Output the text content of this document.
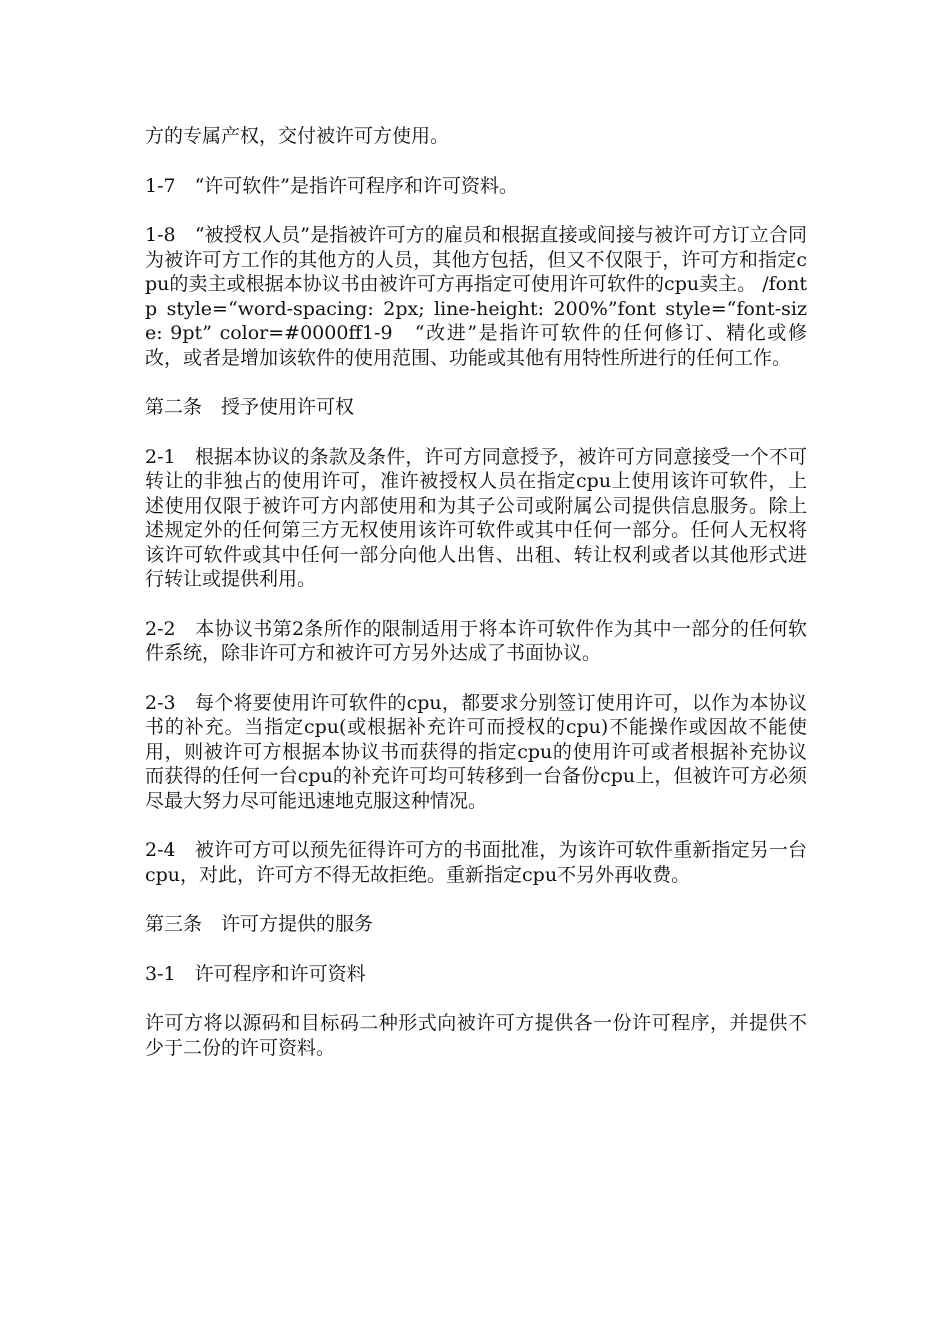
方的专属产权，交付被许可方使用。

1-7　“许可软件”是指许可程序和许可资料。

1-8　“被授权人员”是指被许可方的雇员和根据直接或间接与被许可方订立合同为被许可方工作的其他方的人员，其他方包括，但又不仅限于，许可方和指定cpu的卖主或根据本协议书由被许可方再指定可使用许可软件的cpu卖主。 /fontp style=“word-spacing: 2px; line-height: 200%”font style=“font-size: 9pt” color=#0000ff1-9　“改进”是指许可软件的任何修订、精化或修改，或者是增加该软件的使用范围、功能或其他有用特性所进行的任何工作。

第二条　授予使用许可权

2-1　根据本协议的条款及条件，许可方同意授予，被许可方同意接受一个不可转让的非独占的使用许可，准许被授权人员在指定cpu上使用该许可软件，上述使用仅限于被许可方内部使用和为其子公司或附属公司提供信息服务。除上述规定外的任何第三方无权使用该许可软件或其中任何一部分。任何人无权将该许可软件或其中任何一部分向他人出售、出租、转让权利或者以其他形式进行转让或提供利用。

2-2　本协议书第2条所作的限制适用于将本许可软件作为其中一部分的任何软件系统，除非许可方和被许可方另外达成了书面协议。

2-3　每个将要使用许可软件的cpu，都要求分别签订使用许可，以作为本协议书的补充。当指定cpu(或根据补充许可而授权的cpu)不能操作或因故不能使用，则被许可方根据本协议书而获得的指定cpu的使用许可或者根据补充协议而获得的任何一台cpu的补充许可均可转移到一台备份cpu上，但被许可方必须尽最大努力尽可能迅速地克服这种情况。

2-4　被许可方可以预先征得许可方的书面批准，为该许可软件重新指定另一台cpu，对此，许可方不得无故拒绝。重新指定cpu不另外再收费。

第三条　许可方提供的服务

3-1　许可程序和许可资料

许可方将以源码和目标码二种形式向被许可方提供各一份许可程序，并提供不少于二份的许可资料。
